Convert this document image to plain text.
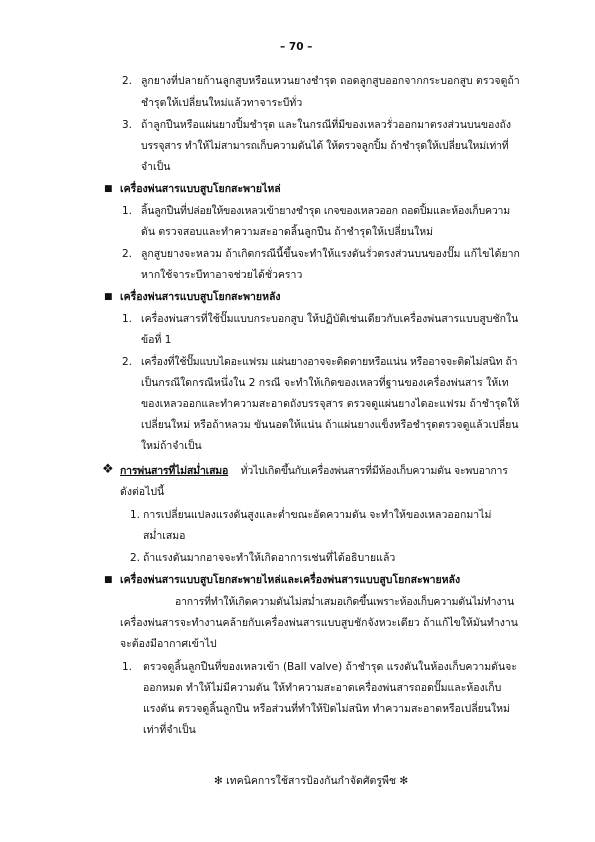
– 70 –
2. ลูกยางที่ปลายก้านลูกสูบหรือแหวนยางชำรุด ถอดลูกสูบออกจากกระบอกสูบ ตรวจดูถ้า
ชำรุดให้เปลี่ยนใหม่แล้วทาจาระบีทั่ว
3. ถ้าลูกปืนหรือแผ่นยางปิ้มชำรุด และในกรณีที่มีของเหลวรั่วออกมาตรงส่วนบนของถัง
บรรจุสาร ทำให้ไม่สามารถเก็บความดันได้ ให้ตรวจลูกปิ้ม ถ้าชำรุดให้เปลี่ยนใหม่เท่าที่
จำเป็น
■ เครื่องพ่นสารแบบสูบโยกสะพายไหล่
1. ลิ้นลูกปืนที่ปล่อยให้ของเหลวเข้ายางชำรุด เกจของเหลวออก ถอดปิ้มและห้องเก็บความ
ดัน ตรวจสอบและทำความสะอาดลิ้นลูกปืน ถ้าชำรุดให้เปลี่ยนใหม่
2. ลูกสูบยางจะหลวม ถ้าเกิดกรณีนี้ขึ้นจะทำให้แรงดันรั่วตรงส่วนบนของปั๊ม แก้ไขได้ยาก
หากใช้จาระบีทาอาจช่วยได้ชั่วคราว
■ เครื่องพ่นสารแบบสูบโยกสะพายหลัง
1. เครื่องพ่นสารที่ใช้ปั๊มแบบกระบอกสูบ ให้ปฏิบัติเช่นเดียวกับเครื่องพ่นสารแบบสูบชักใน
ข้อที่ 1
2. เครื่องที่ใช้ปั๊มแบบไดอะแฟรม แผ่นยางอาจจะติดตายหรือแน่น หรืออาจจะติดไม่สนิท ถ้า
เป็นกรณีใดกรณีหนึ่งใน 2 กรณี จะทำให้เกิดของเหลวที่ฐานของเครื่องพ่นสาร ให้เท
ของเหลวออกและทำความสะอาดถังบรรจุสาร ตรวจดูแผ่นยางไดอะแฟรม ถ้าชำรุดให้
เปลี่ยนใหม่ หรือถ้าหลวม ขันนอตให้แน่น ถ้าแผ่นยางแข็งหรือชำรุดตรวจดูแล้วเปลี่ยน
ใหม่ถ้าจำเป็น
❖ การพ่นสารที่ไม่สม่ำเสมอ ทั่วไปเกิดขึ้นกับเครื่องพ่นสารที่มีห้องเก็บความดัน จะพบอาการ
ดังต่อไปนี้
1. การเปลี่ยนแปลงแรงดันสูงและต่ำขณะอัดความดัน จะทำให้ของเหลวออกมาไม่
สม่ำเสมอ
2. ถ้าแรงดันมากอาจจะทำให้เกิดอาการเช่นที่ได้อธิบายแล้ว
■ เครื่องพ่นสารแบบสูบโยกสะพายไหล่และเครื่องพ่นสารแบบสูบโยกสะพายหลัง
อาการที่ทำให้เกิดความดันไม่สม่ำเสมอเกิดขึ้นเพราะห้องเก็บความดันไม่ทำงาน
เครื่องพ่นสารจะทำงานคล้ายกับเครื่องพ่นสารแบบสูบชักจังหวะเดียว ถ้าแก้ไขให้มันทำงาน
จะต้องมีอากาศเข้าไป
1. ตรวจดูลิ้นลูกปืนที่ของเหลวเข้า (Ball valve) ถ้าชำรุด แรงดันในห้องเก็บความดันจะ
ออกหมด ทำให้ไม่มีความดัน ให้ทำความสะอาดเครื่องพ่นสารถอดปั๊มและห้องเก็บ
แรงดัน ตรวจดูลิ้นลูกปืน หรือส่วนที่ทำให้ปิดไม่สนิท ทำความสะอาดหรือเปลี่ยนใหม่
เท่าที่จำเป็น
✻ เทคนิคการใช้สารป้องกันกำจัดศัตรูพืช ✻
